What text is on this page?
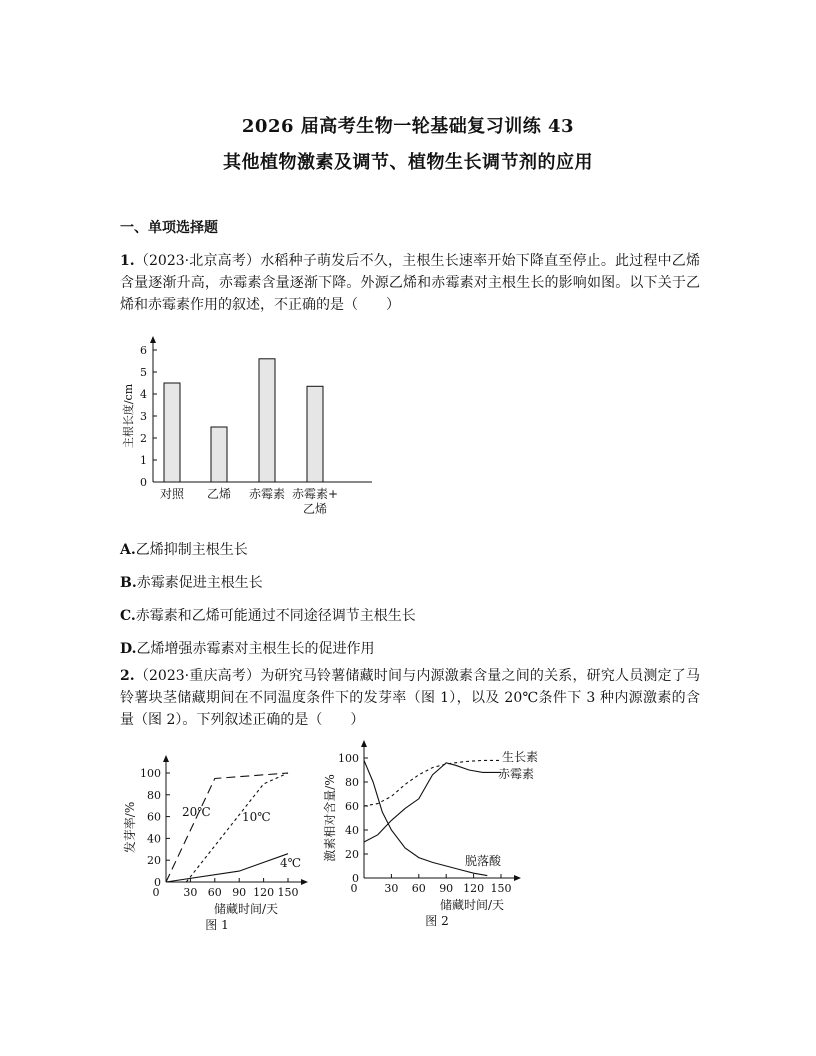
2026 届高考生物一轮基础复习训练 43
其他植物激素及调节、植物生长调节剂的应用
一、单项选择题
1.（2023·北京高考）水稻种子萌发后不久，主根生长速率开始下降直至停止。此过程中乙烯含量逐渐升高，赤霉素含量逐渐下降。外源乙烯和赤霉素对主根生长的影响如图。以下关于乙烯和赤霉素作用的叙述，不正确的是（　　）
0
1
2
3
4
5
6
主根长度/cm
对照 乙烯 赤霉素 赤霉素+
乙烯
A.乙烯抑制主根生长
B.赤霉素促进主根生长
C.赤霉素和乙烯可能通过不同途径调节主根生长
D.乙烯增强赤霉素对主根生长的促进作用
2.（2023·重庆高考）为研究马铃薯储藏时间与内源激素含量之间的关系，研究人员测定了马铃薯块茎储藏期间在不同温度条件下的发芽率（图 1），以及 20℃条件下 3 种内源激素的含量（图 2）。下列叙述正确的是（　　）
0
20
40
60
80
100
30 60 90 120 150
0
储藏时间/天
发芽率/%
图 1
20℃	10℃
4℃
0
20
40
60
80
100
30 60 90 120 150
0
储藏时间/天
激素相对含量/%
图 2
生长素
赤霉素
脱落酸
